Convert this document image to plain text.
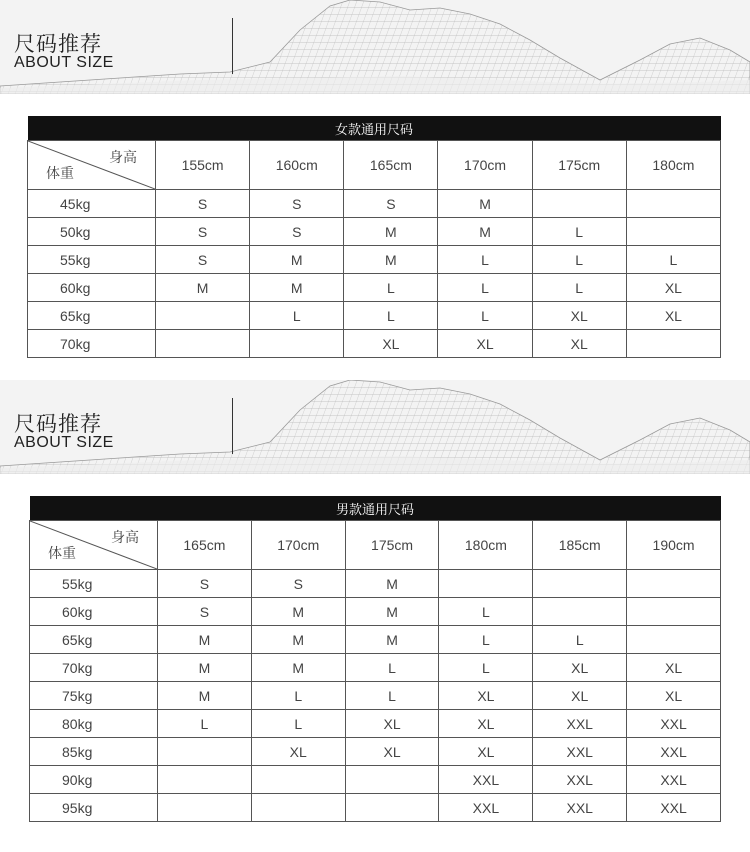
尺码推荐
ABOUT SIZE
女款通用尺码						

身高
体重	155cm	160cm	165cm	170cm	175cm	180cm
45kg	S	S	S	M		
50kg	S	S	M	M	L	
55kg	S	M	M	L	L	L
60kg	M	M	L	L	L	XL
65kg		L	L	L	XL	XL
70kg			XL	XL	XL	
尺码推荐
ABOUT SIZE
男款通用尺码						

身高
体重	165cm	170cm	175cm	180cm	185cm	190cm
55kg	S	S	M			
60kg	S	M	M	L		
65kg	M	M	M	L	L	
70kg	M	M	L	L	XL	XL
75kg	M	L	L	XL	XL	XL
80kg	L	L	XL	XL	XXL	XXL
85kg		XL	XL	XL	XXL	XXL
90kg				XXL	XXL	XXL
95kg				XXL	XXL	XXL
